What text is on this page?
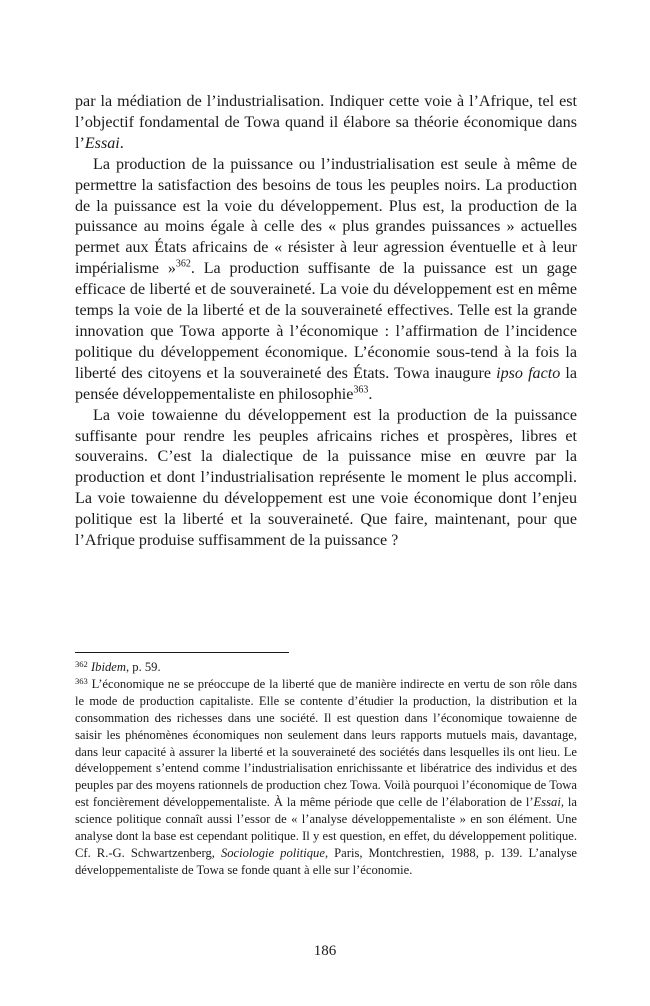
par la médiation de l’industrialisation. Indiquer cette voie à l’Afrique, tel est l’objectif fondamental de Towa quand il élabore sa théorie économique dans l’Essai.

La production de la puissance ou l’industrialisation est seule à même de permettre la satisfaction des besoins de tous les peuples noirs. La production de la puissance est la voie du développement. Plus est, la production de la puissance au moins égale à celle des « plus grandes puissances » actuelles permet aux États africains de « résister à leur agression éventuelle et à leur impérialisme »$^{362}$. La production suffisante de la puissance est un gage efficace de liberté et de souveraineté. La voie du développement est en même temps la voie de la liberté et de la souveraineté effectives. Telle est la grande innovation que Towa apporte à l’économique : l’affirmation de l’incidence politique du développement économique. L’économie sous-tend à la fois la liberté des citoyens et la souveraineté des États. Towa inaugure ipso facto la pensée développementaliste en philosophie$^{363}$.

La voie towaienne du développement est la production de la puissance suffisante pour rendre les peuples africains riches et prospères, libres et souverains. C’est la dialectique de la puissance mise en œuvre par la production et dont l’industrialisation représente le moment le plus accompli. La voie towaienne du développement est une voie économique dont l’enjeu politique est la liberté et la souveraineté. Que faire, maintenant, pour que l’Afrique produise suffisamment de la puissance ?

$^{362}$ Ibidem, p. 59.

$^{363}$ L’économique ne se préoccupe de la liberté que de manière indirecte en vertu de son rôle dans le mode de production capitaliste. Elle se contente d’étudier la production, la distribution et la consommation des richesses dans une société. Il est question dans l’économique towaienne de saisir les phénomènes économiques non seulement dans leurs rapports mutuels mais, davantage, dans leur capacité à assurer la liberté et la souveraineté des sociétés dans lesquelles ils ont lieu. Le développement s’entend comme l’industrialisation enrichissante et libératrice des individus et des peuples par des moyens rationnels de production chez Towa. Voilà pourquoi l’économique de Towa est foncièrement développementaliste. À la même période que celle de l’élaboration de l’Essai, la science politique connaît aussi l’essor de « l’analyse développementaliste » en son élément. Une analyse dont la base est cependant politique. Il y est question, en effet, du développement politique. Cf. R.-G. Schwartzenberg, Sociologie politique, Paris, Montchrestien, 1988, p. 139. L’analyse développementaliste de Towa se fonde quant à elle sur l’économie.

186
